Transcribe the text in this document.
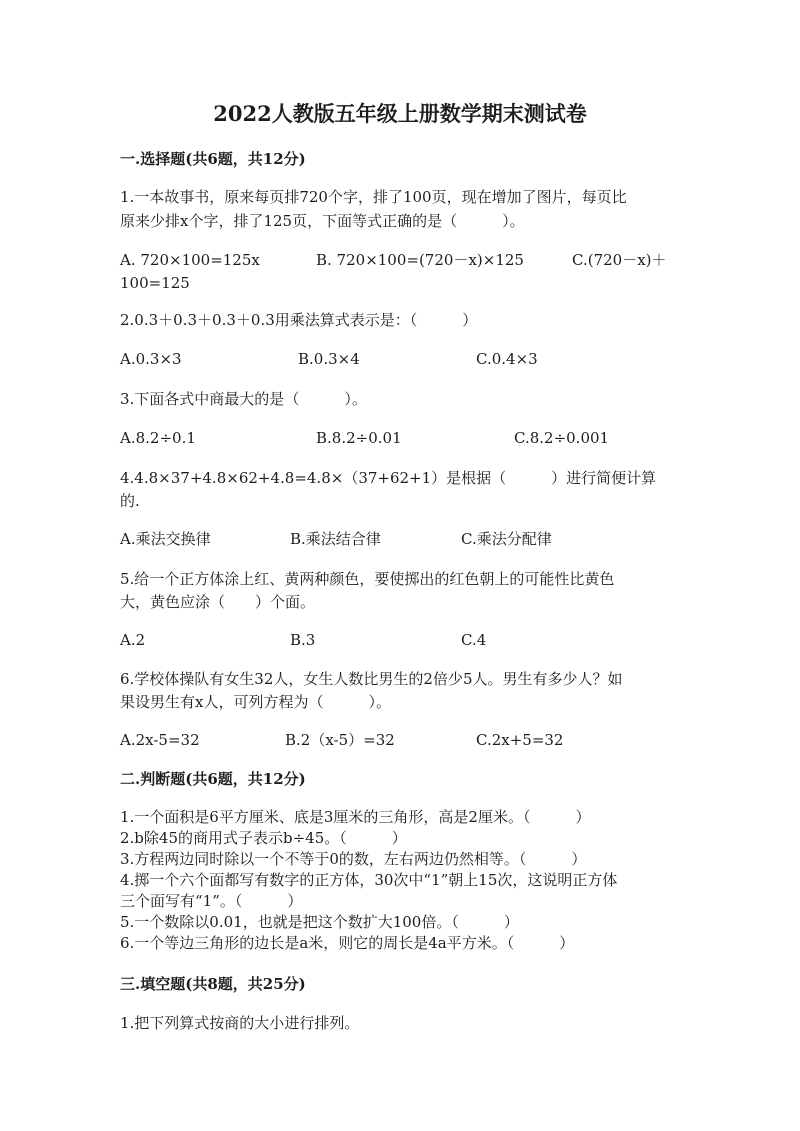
2022人教版五年级上册数学期末测试卷
一.选择题(共6题，共12分)
1.一本故事书，原来每页排720个字，排了100页，现在增加了图片，每页比
原来少排x个字，排了125页，下面等式正确的是（　　　）。
A. 720×100=125x	B. 720×100=(720－x)×125	C.(720－x)＋
100=125
2.0.3＋0.3＋0.3＋0.3用乘法算式表示是：（　　　）
A.0.3×3	B.0.3×4	C.0.4×3
3.下面各式中商最大的是（　　　）。
A.8.2÷0.1	B.8.2÷0.01	C.8.2÷0.001
4.4.8×37+4.8×62+4.8=4.8×（37+62+1）是根据（　　　）进行简便计算
的.
A.乘法交换律	B.乘法结合律	C.乘法分配律
5.给一个正方体涂上红、黄两种颜色，要使掷出的红色朝上的可能性比黄色
大，黄色应涂（　　）个面。
A.2	B.3	C.4
6.学校体操队有女生32人，女生人数比男生的2倍少5人。男生有多少人？如
果设男生有x人，可列方程为（　　　）。
A.2x-5=32	B.2（x-5）=32	C.2x+5=32
二.判断题(共6题，共12分)
1.一个面积是6平方厘米、底是3厘米的三角形，高是2厘米。（　　　）
2.b除45的商用式子表示b÷45。（　　　）
3.方程两边同时除以一个不等于0的数，左右两边仍然相等。（　　　）
4.掷一个六个面都写有数字的正方体，30次中“1”朝上15次，这说明正方体
三个面写有“1”。（　　　）
5.一个数除以0.01，也就是把这个数扩大100倍。（　　　）
6.一个等边三角形的边长是a米，则它的周长是4a平方米。（　　　）
三.填空题(共8题，共25分)
1.把下列算式按商的大小进行排列。
